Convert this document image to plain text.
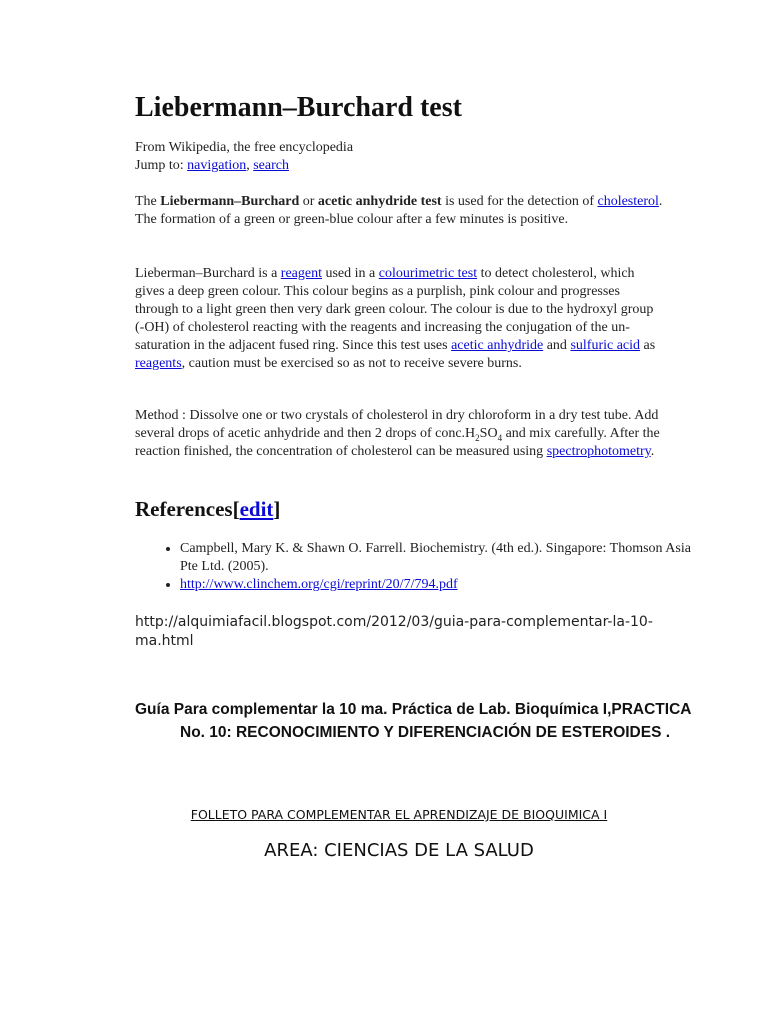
Liebermann–Burchard test
From Wikipedia, the free encyclopedia
Jump to: navigation, search

The Liebermann–Burchard or acetic anhydride test is used for the detection of cholesterol. The formation of a green or green-blue colour after a few minutes is positive.

Lieberman–Burchard is a reagent used in a colourimetric test to detect cholesterol, which gives a deep green colour. This colour begins as a purplish, pink colour and progresses through to a light green then very dark green colour. The colour is due to the hydroxyl group (-OH) of cholesterol reacting with the reagents and increasing the conjugation of the un-saturation in the adjacent fused ring. Since this test uses acetic anhydride and sulfuric acid as reagents, caution must be exercised so as not to receive severe burns.

Method : Dissolve one or two crystals of cholesterol in dry chloroform in a dry test tube. Add several drops of acetic anhydride and then 2 drops of $conc.H_2SO_4$ and mix carefully. After the reaction finished, the concentration of cholesterol can be measured using spectrophotometry.

References[edit]
• Campbell, Mary K. & Shawn O. Farrell. Biochemistry. (4th ed.). Singapore: Thomson Asia Pte Ltd. (2005).
• http://www.clinchem.org/cgi/reprint/20/7/794.pdf

http://alquimiafacil.blogspot.com/2012/03/guia-para-complementar-la-10-ma.html

Guía Para complementar la 10 ma. Práctica de Lab. Bioquímica I,PRACTICA No. 10: RECONOCIMIENTO Y DIFERENCIACIÓN DE ESTEROIDES .

FOLLETO PARA COMPLEMENTAR EL APRENDIZAJE DE BIOQUIMICA I

AREA: CIENCIAS DE LA SALUD
